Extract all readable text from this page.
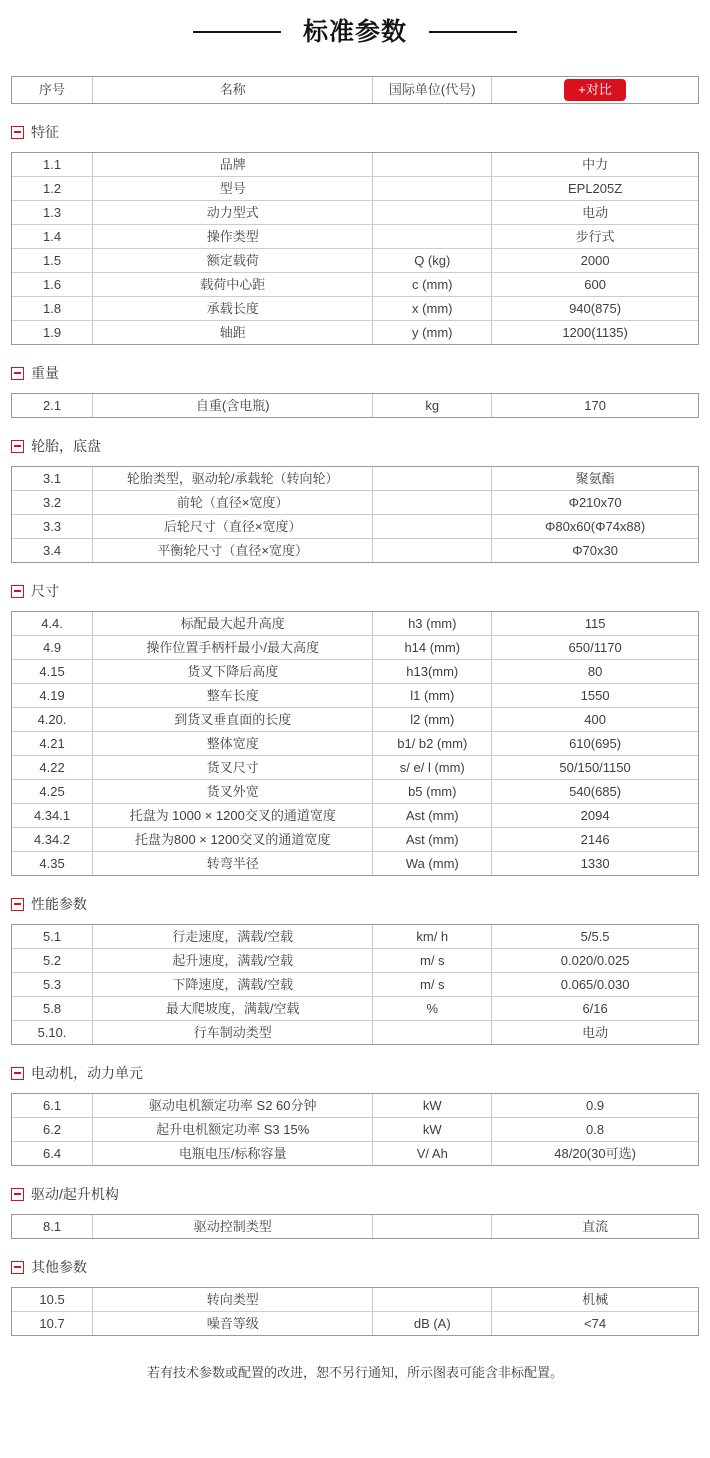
标准参数
序号	名称	国际单位(代号)	+对比
特征
1.1	品牌		中力
1.2	型号		EPL205Z
1.3	动力型式		电动
1.4	操作类型		步行式
1.5	额定载荷	Q (kg)	2000
1.6	载荷中心距	c (mm)	600
1.8	承载长度	x (mm)	940(875)
1.9	轴距	y (mm)	1200(1135)
重量
2.1	自重(含电瓶)	kg	170
轮胎，底盘
3.1	轮胎类型，驱动轮/承载轮（转向轮）		聚氨酯
3.2	前轮（直径×宽度）		Φ210x70
3.3	后轮尺寸（直径×宽度）		Φ80x60(Φ74x88)
3.4	平衡轮尺寸（直径×宽度）		Φ70x30
尺寸
4.4.	标配最大起升高度	h3 (mm)	115
4.9	操作位置手柄杆最小/最大高度	h14 (mm)	650/1170
4.15	货叉下降后高度	h13(mm)	80
4.19	整车长度	l1 (mm)	1550
4.20.	到货叉垂直面的长度	l2 (mm)	400
4.21	整体宽度	b1/ b2 (mm)	610(695)
4.22	货叉尺寸	s/ e/ l (mm)	50/150/1150
4.25	货叉外宽	b5 (mm)	540(685)
4.34.1	托盘为 1000 × 1200交叉的通道宽度	Ast (mm)	2094
4.34.2	托盘为800 × 1200交叉的通道宽度	Ast (mm)	2146
4.35	转弯半径	Wa (mm)	1330
性能参数
5.1	行走速度，满载/空载	km/ h	5/5.5
5.2	起升速度，满载/空载	m/ s	0.020/0.025
5.3	下降速度，满载/空载	m/ s	0.065/0.030
5.8	最大爬坡度，满载/空载	%	6/16
5.10.	行车制动类型		电动
电动机，动力单元
6.1	驱动电机额定功率 S2 60分钟	kW	0.9
6.2	起升电机额定功率 S3 15%	kW	0.8
6.4	电瓶电压/标称容量	V/ Ah	48/20(30可选)
驱动/起升机构
8.1	驱动控制类型		直流
其他参数
10.5	转向类型		机械
10.7	噪音等级	dB (A)	<74

若有技术参数或配置的改进，恕不另行通知，所示图表可能含非标配置。
